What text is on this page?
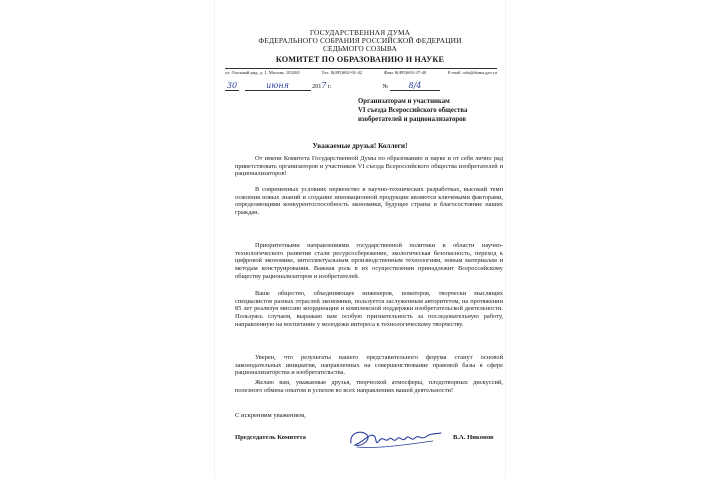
ГОСУДАРСТВЕННАЯ ДУМА
ФЕДЕРАЛЬНОГО СОБРАНИЯ РОССИЙСКОЙ ФЕДЕРАЦИИ
СЕДЬМОГО СОЗЫВА
КОМИТЕТ ПО ОБРАЗОВАНИЮ И НАУКЕ
ул. Охотный ряд, д. 1, Москва, 103265	Тел. 8(495)692-91-42	Факс 8(495)692-37-40	E-mail: odn@duma.gov.ru
30	июня	2017 г.	№	8/4
Организаторам и участникам
VI съезда Всероссийского общества
изобретателей и рационализаторов
Уважаемые друзья! Коллеги!

От имени Комитета Государственной Думы по образованию и науке и от себя лично рад приветствовать организаторов и участников VI съезда Всероссийского общества изобретателей и рационализаторов!

В современных условиях первенство в научно-технических разработках, высокий темп освоения новых знаний и создание инновационной продукции являются ключевыми факторами, определяющими конкурентоспособность экономики, будущее страны и благосостояние наших граждан.

Приоритетными направлениями государственной политики в области научно-технологического развития стали ресурсосбережение, экологическая безопасность, переход к цифровой экономике, интеллектуальным производственным технологиям, новым материалам и методам конструирования. Важная роль в их осуществлении принадлежит Всероссийскому обществу рационализаторов и изобретателей.

Ваше общество, объединяющее инженеров, новаторов, творчески мыслящих специалистов разных отраслей экономики, пользуется заслуженным авторитетом, на протяжении 85 лет реализуя миссию координации и комплексной поддержки изобретательской деятельности. Пользуясь случаем, выражаю вам особую признательность за последовательную работу, направленную на воспитание у молодежи интереса к технологическому творчеству.

Уверен, что результаты вашего представительного форума станут основой законодательных инициатив, направленных на совершенствование правовой базы в сфере рационализаторства и изобретательства.

Желаю вам, уважаемые друзья, творческой атмосферы, плодотворных дискуссий, полезного обмена опытом и успехов во всех направлениях вашей деятельности!

С искренним уважением,
Председатель Комитета	В.А. Никонов
